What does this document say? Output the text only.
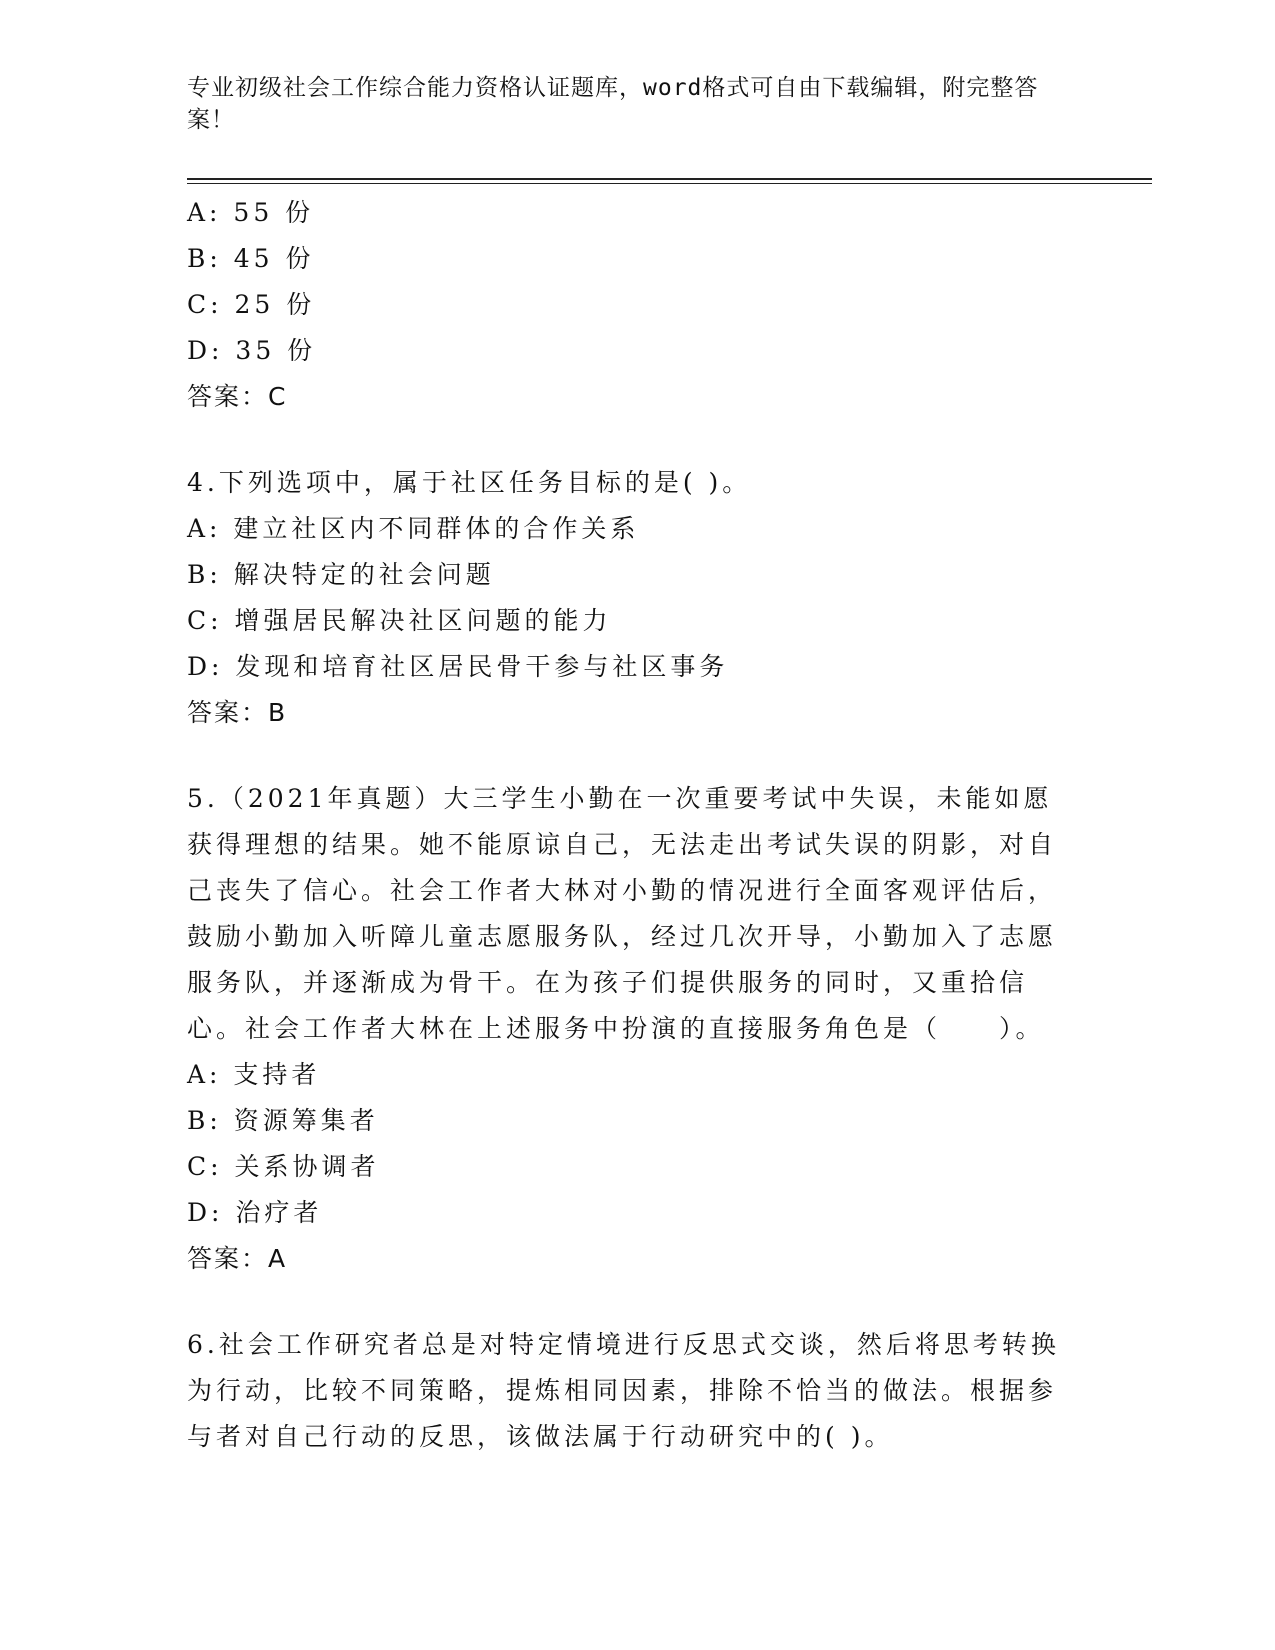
专业初级社会工作综合能力资格认证题库，word格式可自由下载编辑，附完整答案！
A: 55 份
B: 45 份
C: 25 份
D: 35 份
答案：C
4.下列选项中，属于社区任务目标的是( )。
A: 建立社区内不同群体的合作关系
B: 解决特定的社会问题
C: 增强居民解决社区问题的能力
D: 发现和培育社区居民骨干参与社区事务
答案：B
5.（2021年真题）大三学生小勤在一次重要考试中失误，未能如愿获得理想的结果。她不能原谅自己，无法走出考试失误的阴影，对自己丧失了信心。社会工作者大林对小勤的情况进行全面客观评估后，鼓励小勤加入听障儿童志愿服务队，经过几次开导，小勤加入了志愿服务队，并逐渐成为骨干。在为孩子们提供服务的同时，又重拾信心。社会工作者大林在上述服务中扮演的直接服务角色是（　　）。
A: 支持者
B: 资源筹集者
C: 关系协调者
D: 治疗者
答案：A
6.社会工作研究者总是对特定情境进行反思式交谈，然后将思考转换为行动，比较不同策略，提炼相同因素，排除不恰当的做法。根据参与者对自己行动的反思，该做法属于行动研究中的( )。
